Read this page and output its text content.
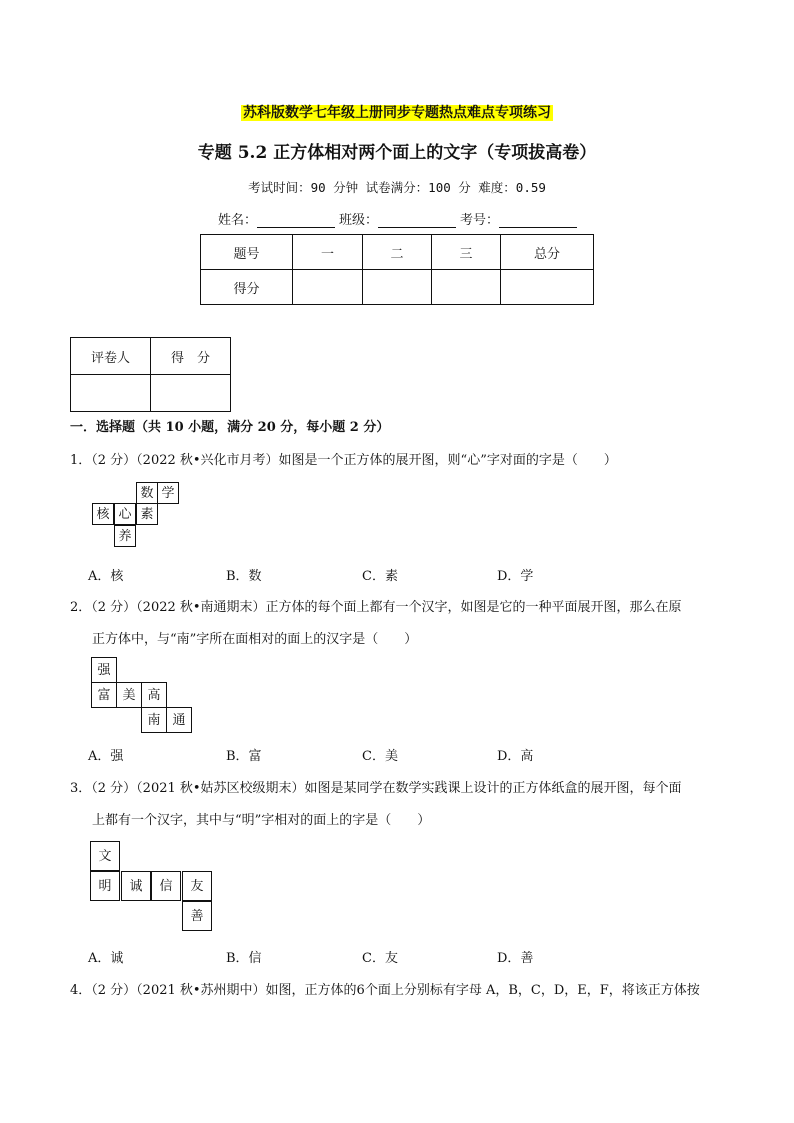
苏科版数学七年级上册同步专题热点难点专项练习
专题 5.2 正方体相对两个面上的文字（专项拔高卷）
考试时间：90 分钟 试卷满分：100 分 难度：0.59
姓名：	班级：	考号：
题号	一	二	三	总分
得分				
评卷人	得　分

一．选择题（共 10 小题，满分 20 分，每小题 2 分）
1．（2 分）（2022 秋•兴化市月考）如图是一个正方体的展开图，则“心”字对面的字是（　　）
数 学
核 心 素
养
A．核	B．数	C．素	D．学
2．（2 分）（2022 秋•南通期末）正方体的每个面上都有一个汉字，如图是它的一种平面展开图，那么在原
正方体中，与“南”字所在面相对的面上的汉字是（　　）
强
富 美 高
南 通
A．强	B．富	C．美	D．高
3．（2 分）（2021 秋•姑苏区校级期末）如图是某同学在数学实践课上设计的正方体纸盒的展开图，每个面
上都有一个汉字，其中与“明”字相对的面上的字是（　　）
文
明	诚	信	友
善
A．诚	B．信	C．友	D．善
4．（2 分）（2021 秋•苏州期中）如图，正方体的6个面上分别标有字母 A，B，C，D，E，F，将该正方体按
